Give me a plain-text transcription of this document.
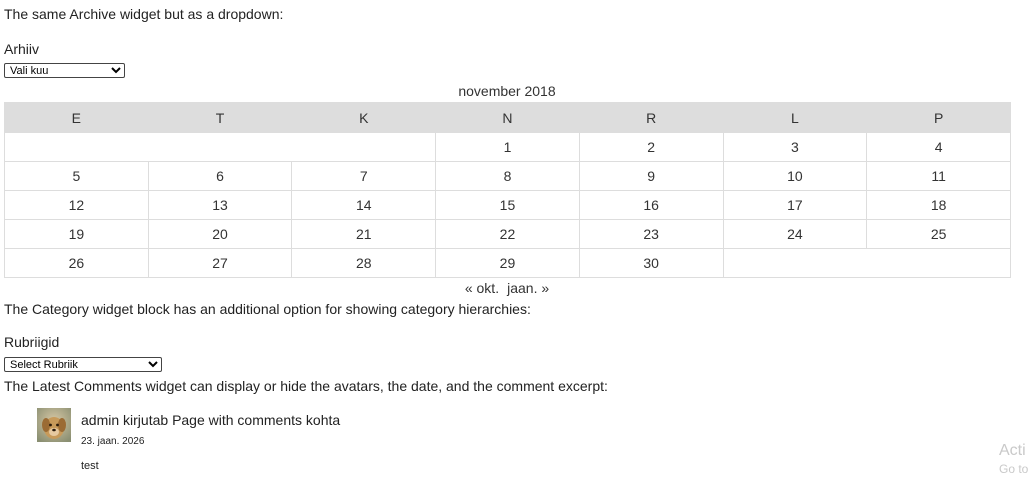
The same Archive widget but as a dropdown:
Arhiiv
Vali kuu
november 2018
E	T	K	N	R	L	P
			1	2	3	4
5	6	7	8	9	10	11
12	13	14	15	16	17	18
19	20	21	22	23	24	25
26	27	28	29	30		
« okt. jaan. »
The Category widget block has an additional option for showing category hierarchies:
Rubriigid
Select Rubriik
The Latest Comments widget can display or hide the avatars, the date, and the comment excerpt:
admin kirjutab Page with comments kohta
23. jaan. 2026
test
Acti
Go to
